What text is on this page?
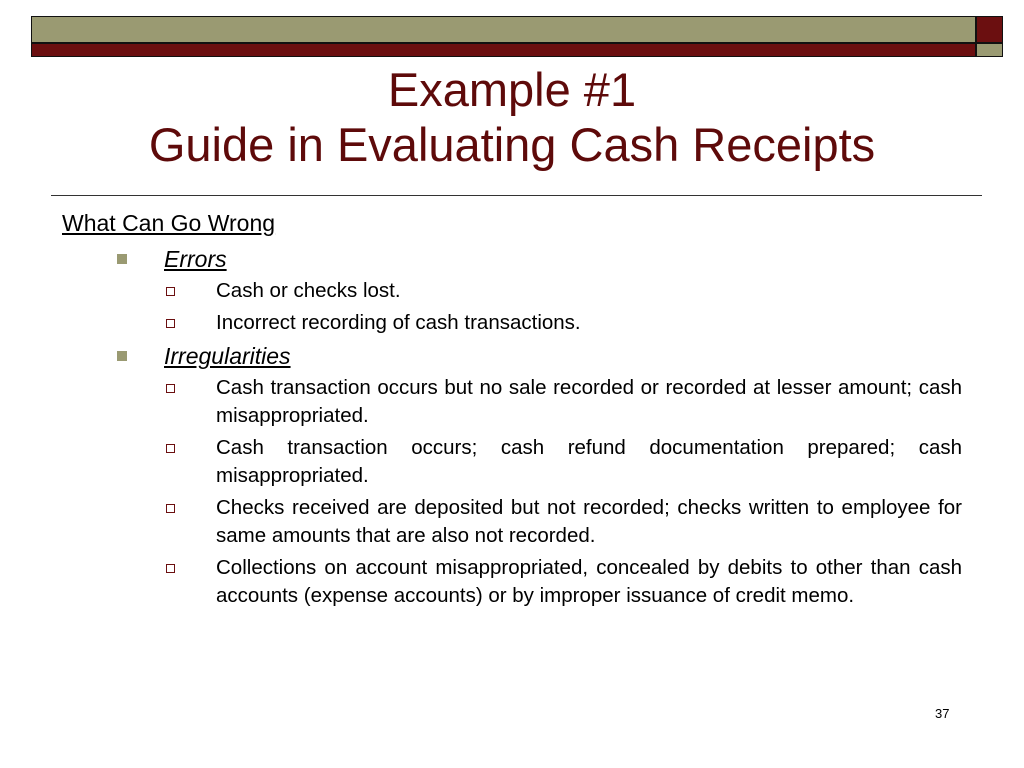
Example #1
Guide in Evaluating Cash Receipts
What Can Go Wrong
Errors
Cash or checks lost.
Incorrect recording of cash transactions.
Irregularities
Cash transaction occurs but no sale recorded or recorded at lesser amount; cash misappropriated.
Cash transaction occurs; cash refund documentation prepared; cash misappropriated.
Checks received are deposited but not recorded; checks written to employee for same amounts that are also not recorded.
Collections on account misappropriated, concealed by debits to other than cash accounts (expense accounts) or by improper issuance of credit memo.
37
